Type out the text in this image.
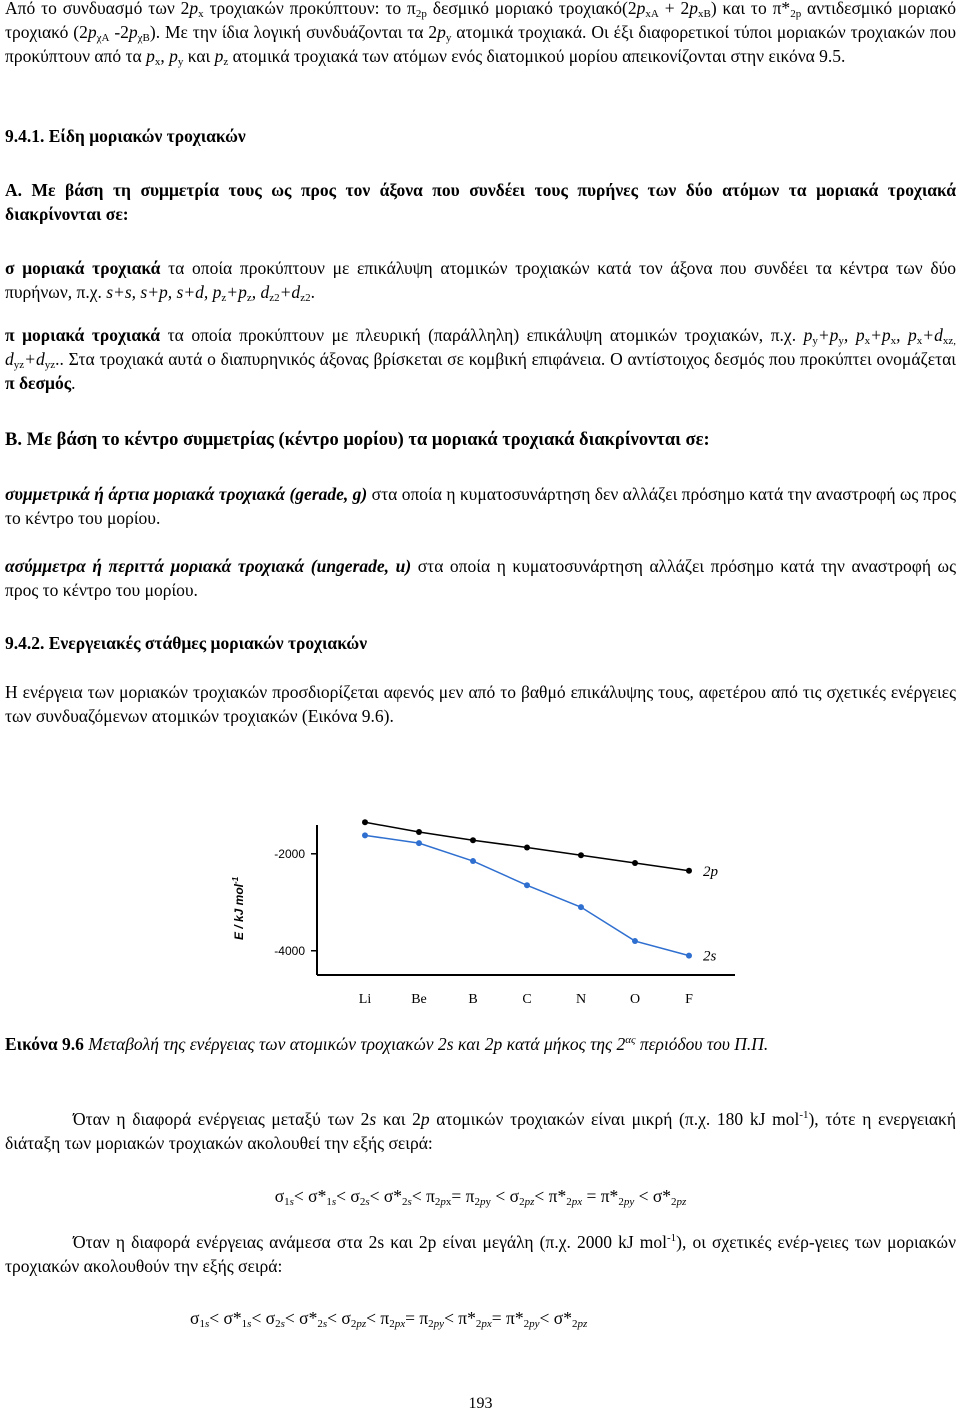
Από το συνδυασμό των $2p_x$ τροχιακών προκύπτουν: το $\pi_{2p}$ δεσμικό μοριακό $\tau\rho o\chi\iota\alpha\kappa ό(2p_{xA} + 2p_{xB})$ και το $\pi*_{2p}$ αντιδεσμικό μοριακό τροχιακό ($2p_{\chi A}$ $-2p_{\chi B}$). Με την ίδια λογική συνδυάζονται τα $2p_y$ ατομικά τροχιακά. Οι έξι διαφορετικοί τύποι μοριακών τροχιακών που προκύπτουν από τα $p_x$, $p_y$ και $p_z$ ατομικά τροχιακά των ατόμων ενός διατομικού μορίου απεικονίζονται στην εικόνα 9.5.

9.4.1. Είδη μοριακών τροχιακών

Α. Με βάση τη συμμετρία τους ως προς τον άξονα που συνδέει τους πυρήνες των δύο ατόμων τα μοριακά τροχιακά διακρίνονται σε:

σ μοριακά τροχιακά τα οποία προκύπτουν με επικάλυψη ατομικών τροχιακών κατά τον άξονα που συνδέει τα κέντρα των δύο πυρήνων, π.χ. s+s, s+p, s+d, $p_z+p_z$, $d_{z2}+d_{z2}$.

π μοριακά τροχιακά τα οποία προκύπτουν με πλευρική (παράλληλη) επικάλυψη ατομικών τροχιακών, π.χ. $p_y+p_y$, $p_x+p_x$, $p_x+d_{xz,}$ $d_{yz}+d_{yz}$.. Στα τροχιακά αυτά ο διαπυρηνικός άξονας βρίσκεται σε κομβική επιφάνεια. Ο αντίστοιχος δεσμός που προκύπτει ονομάζεται π δεσμός.

Β. Με βάση το κέντρο συμμετρίας (κέντρο μορίου) τα μοριακά τροχιακά διακρίνονται σε:

συμμετρικά ή άρτια μοριακά τροχιακά (gerade, g) στα οποία η κυματοσυνάρτηση δεν αλλάζει πρόσημο κατά την αναστροφή ως προς το κέντρο του μορίου.

ασύμμετρα ή περιττά μοριακά τροχιακά (ungerade, u) στα οποία η κυματοσυνάρτηση αλλάζει πρόσημο κατά την αναστροφή ως προς το κέντρο του μορίου.

9.4.2. Ενεργειακές στάθμες μοριακών τροχιακών

Η ενέργεια των μοριακών τροχιακών προσδιορίζεται αφενός μεν από το βαθμό επικάλυψης τους, αφετέρου από τις σχετικές ενέργειες των συνδυαζόμενων ατομικών τροχιακών (Εικόνα 9.6).

E / kJ mol$^{-1}$
-2000
-4000
2p
2s
Li	Be	B	C	N	O	F

Εικόνα 9.6 Μεταβολή της ενέργειας των ατομικών τροχιακών 2s και 2p κατά μήκος της $2^{\alpha\varsigma}$ περιόδου του Π.Π.

Όταν η διαφορά ενέργειας μεταξύ των 2s και 2p ατομικών τροχιακών είναι μικρή (π.χ. 180 kJ mol$^{-1}$), τότε η ενεργειακή διάταξη των μοριακών τροχιακών ακολουθεί την εξής σειρά:

$\sigma_{1s}< \sigma*_{1s}< \sigma_{2s}< \sigma*_{2s}< \pi_{2px}= \pi_{2py} < \sigma_{2pz}< \pi*_{2px} = \pi*_{2py} < \sigma*_{2pz}$

Όταν η διαφορά ενέργειας ανάμεσα στα 2s και 2p είναι μεγάλη (π.χ. 2000 kJ mol$^{-1}$), οι σχετικές ενέρ-γειες των μοριακών τροχιακών ακολουθούν την εξής σειρά:

$\sigma_{1s}< \sigma*_{1s}< \sigma_{2s}< \sigma*_{2s}< \sigma_{2pz}< \pi_{2px}= \pi_{2py}< \pi*_{2px}= \pi*_{2py}< \sigma*_{2pz}$
193
